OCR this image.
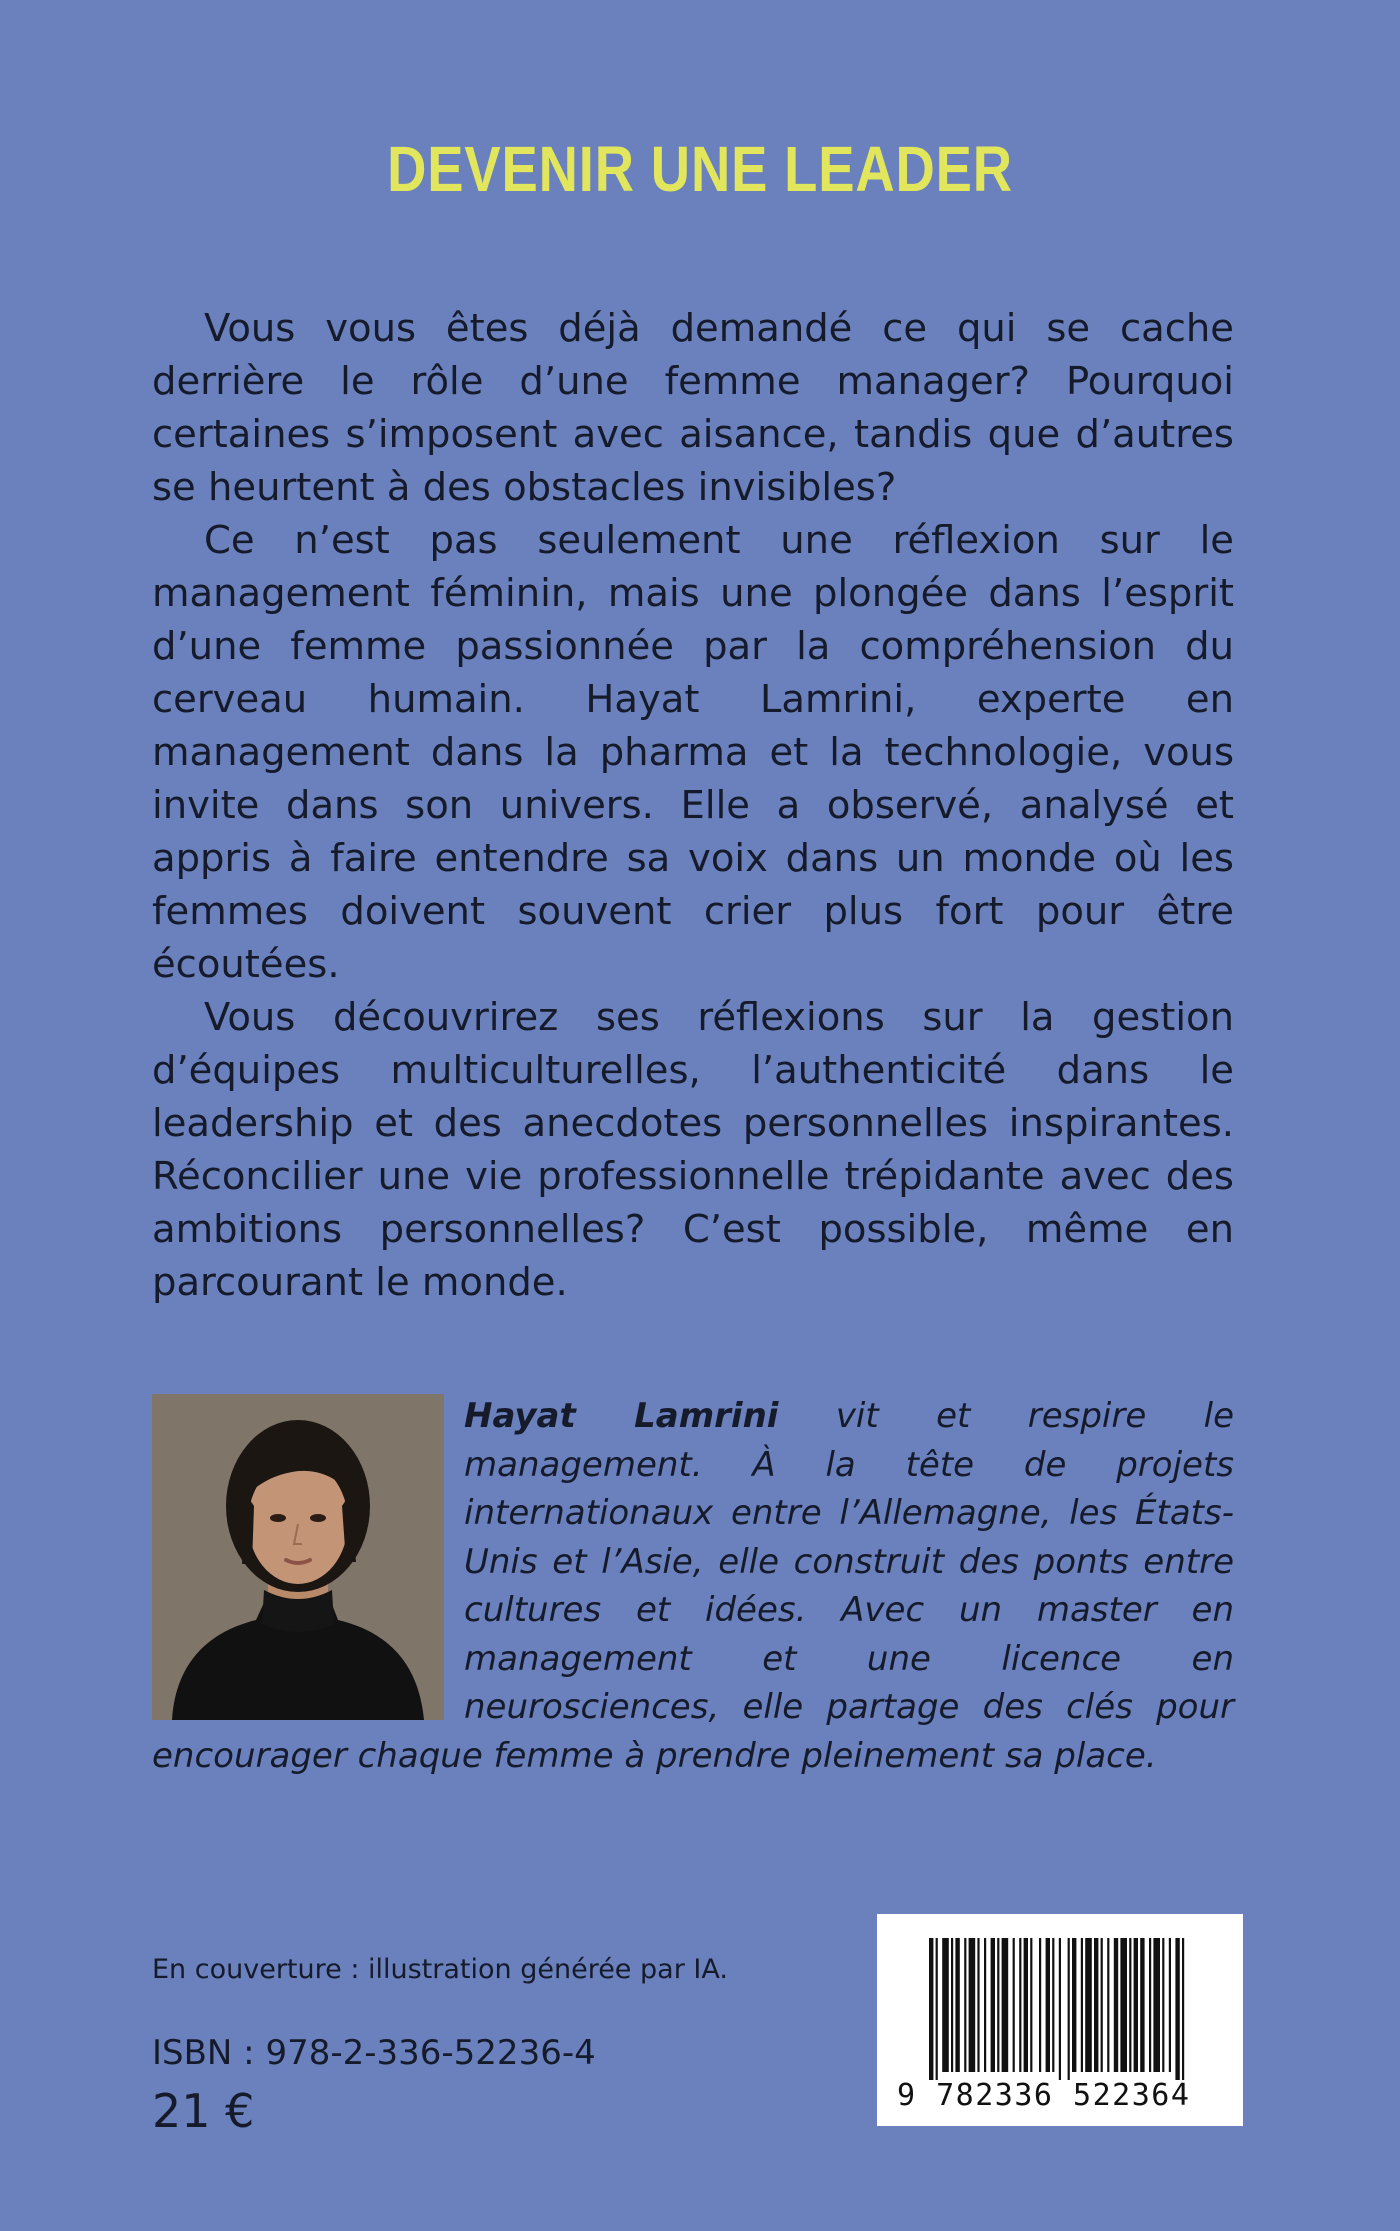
DEVENIR UNE LEADER

Vous vous êtes déjà demandé ce qui se cache derrière le rôle d’une femme manager? Pourquoi certaines s’imposent avec aisance, tandis que d’autres se heurtent à des obstacles invisibles?

Ce n’est pas seulement une réflexion sur le management féminin, mais une plongée dans l’esprit d’une femme passionnée par la compréhension du cerveau humain. Hayat Lamrini, experte en management dans la pharma et la technologie, vous invite dans son univers. Elle a observé, analysé et appris à faire entendre sa voix dans un monde où les femmes doivent souvent crier plus fort pour être écoutées.

Vous découvrirez ses réflexions sur la gestion d’équipes multiculturelles, l’authenticité dans le leadership et des anecdotes personnelles inspirantes. Réconcilier une vie professionnelle trépidante avec des ambitions personnelles? C’est possible, même en parcourant le monde.

Hayat Lamrini vit et respire le management. À la tête de projets internationaux entre l’Allemagne, les États-Unis et l’Asie, elle construit des ponts entre cultures et idées. Avec un master en management et une licence en neurosciences, elle partage des clés pour encourager chaque femme à prendre pleinement sa place.

En couverture : illustration générée par IA.

ISBN : 978-2-336-52236-4

21 €	9 782336 522364
